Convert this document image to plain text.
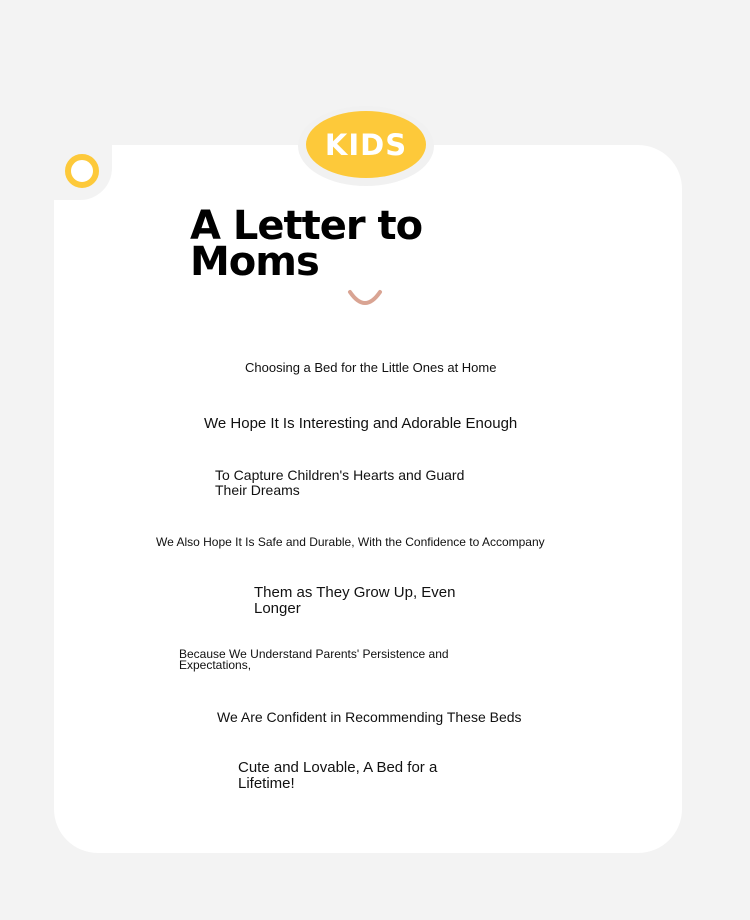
KIDS
A Letter to Moms

Choosing a Bed for the Little Ones at Home

We Hope It Is Interesting and Adorable Enough

To Capture Children's Hearts and Guard Their Dreams

We Also Hope It Is Safe and Durable, With the Confidence to Accompany

Them as They Grow Up, Even Longer

Because We Understand Parents' Persistence and Expectations,

We Are Confident in Recommending These Beds

Cute and Lovable, A Bed for a Lifetime!
